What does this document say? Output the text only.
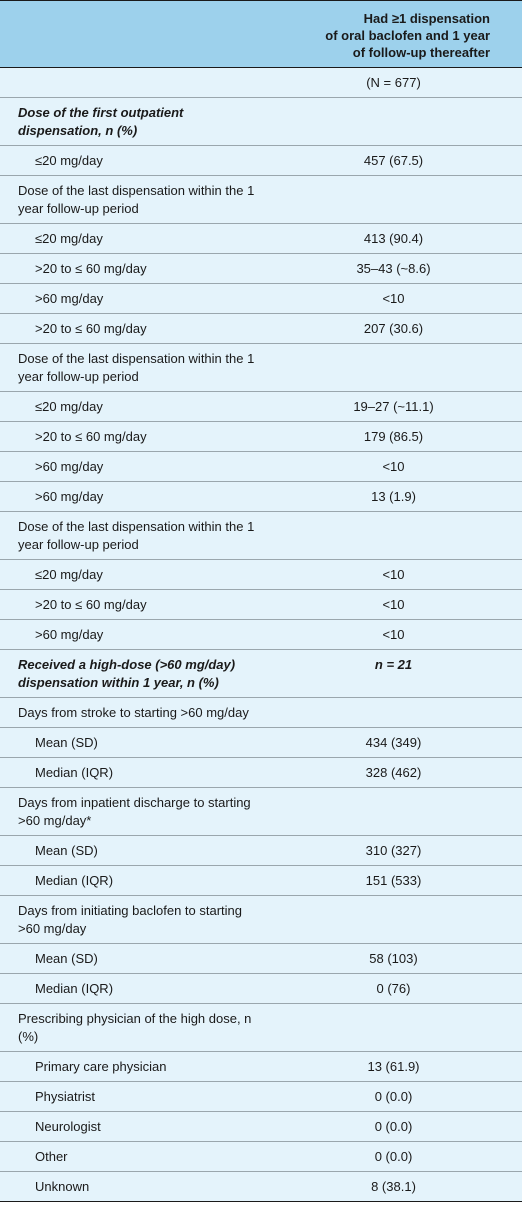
	Had ≥1 dispensation
of oral baclofen and 1 year
of follow-up thereafter

	(N = 677)
Dose of the first outpatient dispensation, n (%)	
≤20 mg/day	457 (67.5)
Dose of the last dispensation within the 1 year follow-up period	
≤20 mg/day	413 (90.4)
>20 to ≤ 60 mg/day	35–43 (~8.6)
>60 mg/day	<10
>20 to ≤ 60 mg/day	207 (30.6)
Dose of the last dispensation within the 1 year follow-up period	
≤20 mg/day	19–27 (~11.1)
>20 to ≤ 60 mg/day	179 (86.5)
>60 mg/day	<10
>60 mg/day	13 (1.9)
Dose of the last dispensation within the 1 year follow-up period	
≤20 mg/day	<10
>20 to ≤ 60 mg/day	<10
>60 mg/day	<10
Received a high-dose (>60 mg/day) dispensation within 1 year, n (%)	n = 21
Days from stroke to starting >60 mg/day	
Mean (SD)	434 (349)
Median (IQR)	328 (462)
Days from inpatient discharge to starting >60 mg/day*	
Mean (SD)	310 (327)
Median (IQR)	151 (533)
Days from initiating baclofen to starting >60 mg/day	
Mean (SD)	58 (103)
Median (IQR)	0 (76)
Prescribing physician of the high dose, n (%)	
Primary care physician	13 (61.9)
Physiatrist	0 (0.0)
Neurologist	0 (0.0)
Other	0 (0.0)
Unknown	8 (38.1)
